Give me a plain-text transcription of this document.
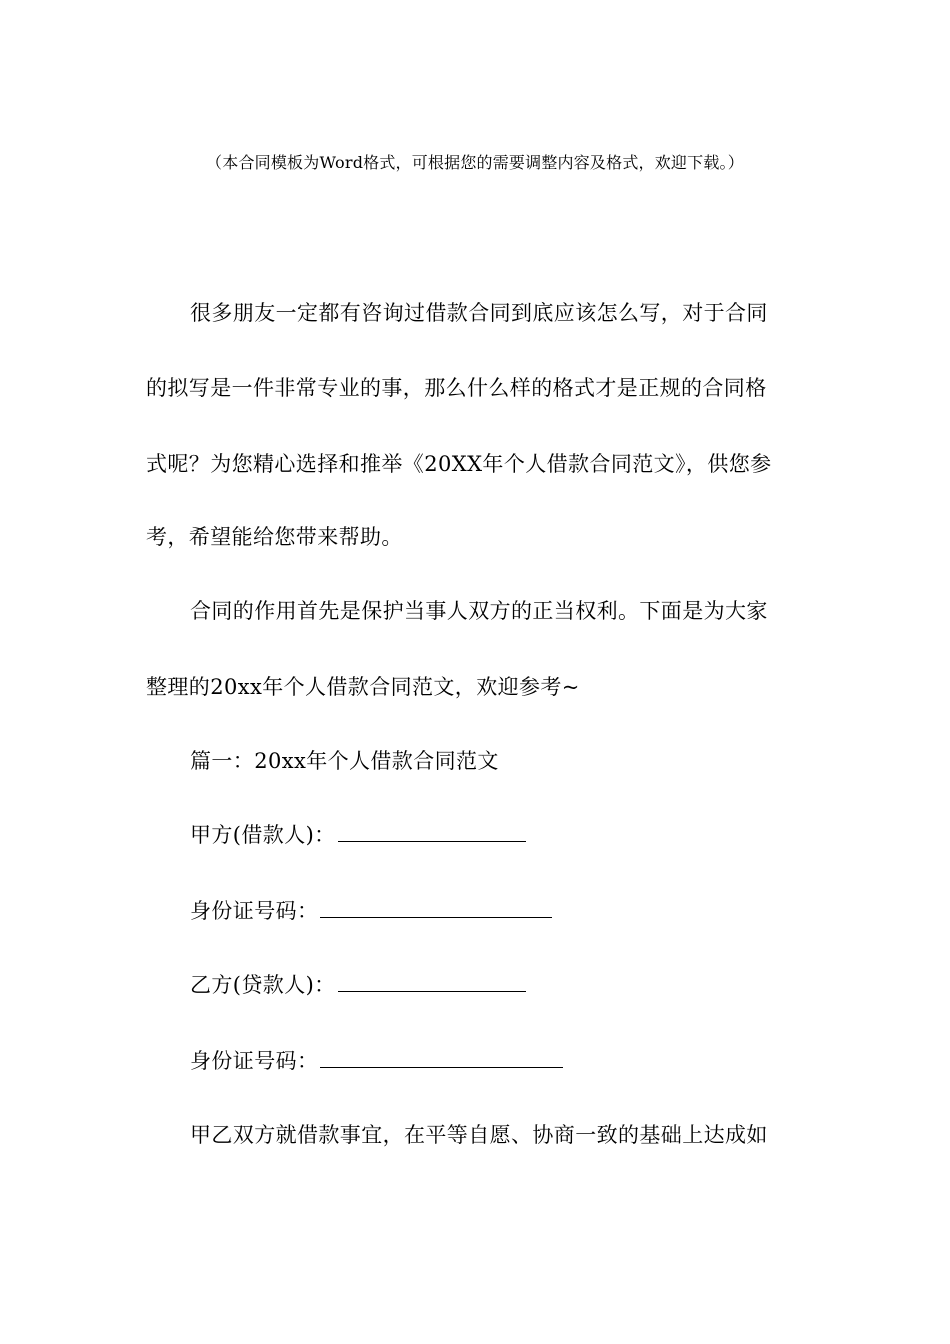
（本合同模板为Word格式，可根据您的需要调整内容及格式，欢迎下载。）
很多朋友一定都有咨询过借款合同到底应该怎么写，对于合同
的拟写是一件非常专业的事，那么什么样的格式才是正规的合同格
式呢？为您精心选择和推举《20XX年个人借款合同范文》，供您参
考，希望能给您带来帮助。
合同的作用首先是保护当事人双方的正当权利。下面是为大家
整理的20xx年个人借款合同范文，欢迎参考~
篇一：20xx年个人借款合同范文
甲方(借款人)：
身份证号码：
乙方(贷款人)：
身份证号码：
甲乙双方就借款事宜，在平等自愿、协商一致的基础上达成如
